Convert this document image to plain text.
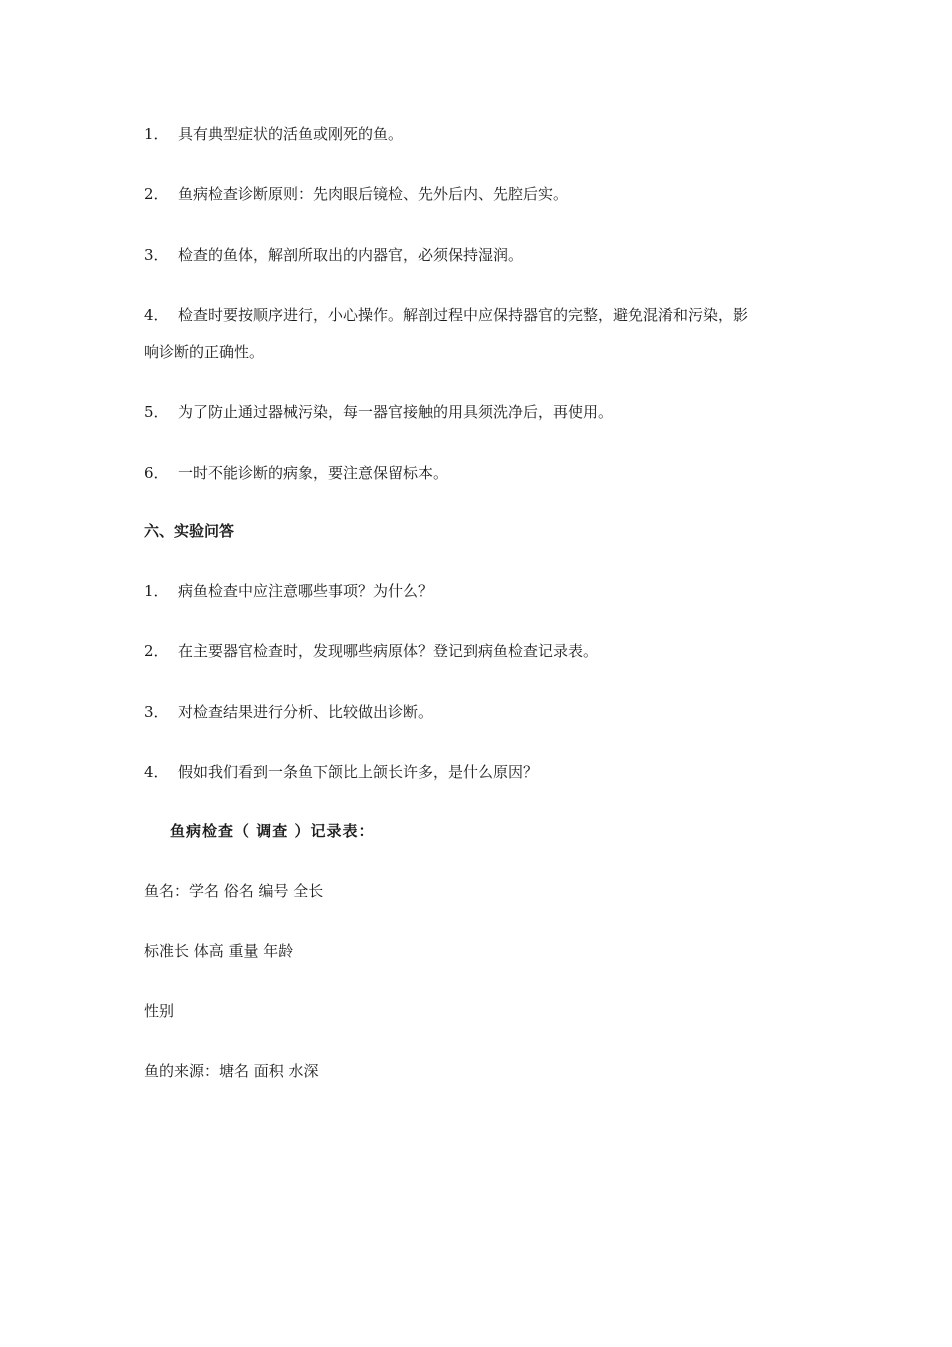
1． 具有典型症状的活鱼或刚死的鱼。
2． 鱼病检查诊断原则：先肉眼后镜检、先外后内、先腔后实。
3． 检查的鱼体，解剖所取出的内器官，必须保持湿润。
4． 检查时要按顺序进行，小心操作。解剖过程中应保持器官的完整，避免混淆和污染，影
响诊断的正确性。
5． 为了防止通过器械污染，每一器官接触的用具须洗净后，再使用。
6． 一时不能诊断的病象，要注意保留标本。
六、实验问答
1． 病鱼检查中应注意哪些事项？为什么？
2． 在主要器官检查时，发现哪些病原体？登记到病鱼检查记录表。
3． 对检查结果进行分析、比较做出诊断。
4． 假如我们看到一条鱼下颌比上颌长许多，是什么原因？
鱼病检查（ 调查 ）记录表：
鱼名：学名 俗名 编号 全长
标准长 体高 重量 年龄
性别
鱼的来源：塘名 面积 水深
